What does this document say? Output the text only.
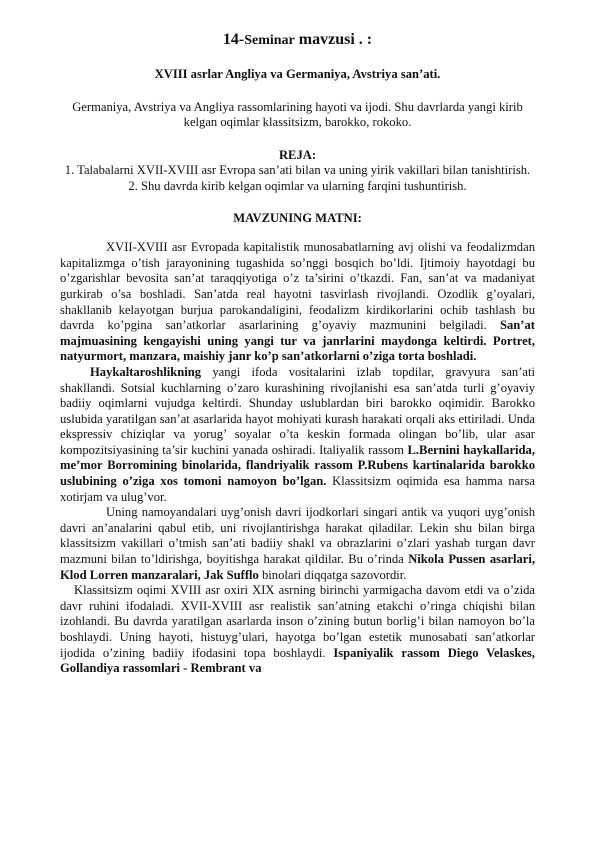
14-Seminar mavzusi . :
XVIII asrlar Angliya va Germaniya, Avstriya san’ati.
Germaniya, Avstriya va Angliya rassomlarining hayoti va ijodi. Shu davrlarda yangi kirib kelgan oqimlar klassitsizm, barokko, rokoko.
REJA:
1. Talabalarni XVII-XVIII asr Evropa san’ati bilan va uning yirik vakillari bilan tanishtirish.
2. Shu davrda kirib kelgan oqimlar va ularning farqini tushuntirish.
MAVZUNING MATNI:

XVII-XVIII asr Evropada kapitalistik munosabatlarning avj olishi va feodalizmdan kapitalizmga o’tish jarayonining tugashida so’nggi bosqich bo’ldi. Ijtimoiy hayotdagi bu o’zgarishlar bevosita san’at taraqqiyotiga o’z ta’sirini o’tkazdi. Fan, san’at va madaniyat gurkirab o’sa boshladi. San’atda real hayotni tasvirlash rivojlandi. Ozodlik g’oyalari, shakllanib kelayotgan burjua parokandaligini, feodalizm kirdikorlarini ochib tashlash bu davrda ko’pgina san’atkorlar asarlarining g’oyaviy mazmunini belgiladi. San’at majmuasining kengayishi uning yangi tur va janrlarini maydonga keltirdi. Portret, natyurmort, manzara, maishiy janr ko’p san’atkorlarni o’ziga torta boshladi.

Haykaltaroshlikning yangi ifoda vositalarini izlab topdilar, gravyura san’ati shakllandi. Sotsial kuchlarning o’zaro kurashining rivojlanishi esa san’atda turli g’oyaviy badiiy oqimlarni vujudga keltirdi. Shunday uslublardan biri barokko oqimidir. Barokko uslubida yaratilgan san’at asarlarida hayot mohiyati kurash harakati orqali aks ettiriladi. Unda ekspressiv chiziqlar va yorug’ soyalar o’ta keskin formada olingan bo’lib, ular asar kompozitsiyasining ta’sir kuchini yanada oshiradi. Italiyalik rassom L.Bernini haykallarida, me’mor Borromining binolarida, flandriyalik rassom P.Rubens kartinalarida barokko uslubining o’ziga xos tomoni namoyon bo’lgan. Klassitsizm oqimida esa hamma narsa xotirjam va ulug’vor.

Uning namoyandalari uyg’onish davri ijodkorlari singari antik va yuqori uyg’onish davri an’analarini qabul etib, uni rivojlantirishga harakat qiladilar. Lekin shu bilan birga klassitsizm vakillari o’tmish san’ati badiiy shakl va obrazlarini o’zlari yashab turgan davr mazmuni bilan to’ldirishga, boyitishga harakat qildilar. Bu o’rinda Nikola Pussen asarlari, Klod Lorren manzaralari, Jak Sufflo binolari diqqatga sazovordir.

Klassitsizm oqimi XVIII asr oxiri XIX asrning birinchi yarmigacha davom etdi va o’zida davr ruhini ifodaladi. XVII-XVIII asr realistik san’atning etakchi o’ringa chiqishi bilan izohlandi. Bu davrda yaratilgan asarlarda inson o’zining butun borlig’i bilan namoyon bo’la boshlaydi. Uning hayoti, histuyg’ulari, hayotga bo’lgan estetik munosabati san’atkorlar ijodida o’zining badiiy ifodasini topa boshlaydi. Ispaniyalik rassom Diego Velaskes, Gollandiya rassomlari - Rembrant va
